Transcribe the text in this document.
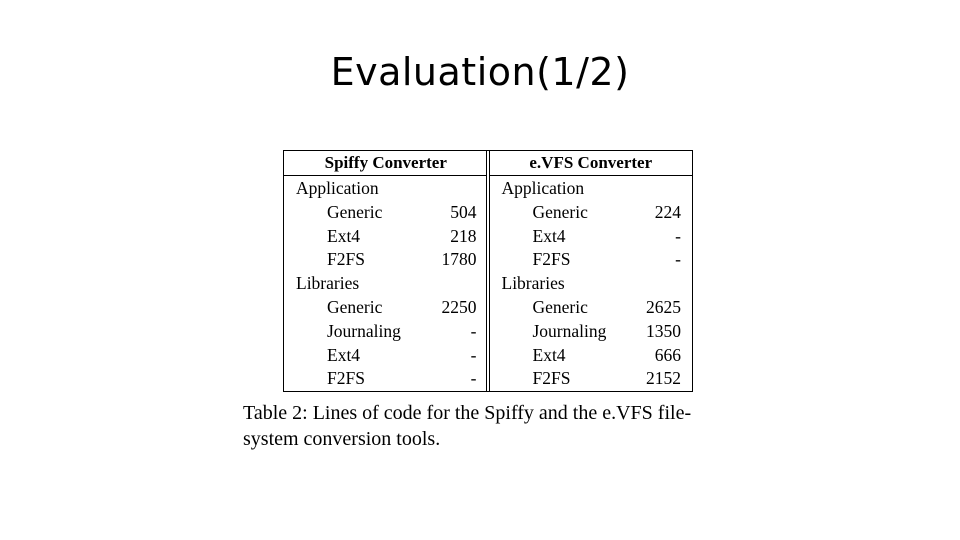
Evaluation(1/2)
Spiffy Converter
Application
Generic	504
Ext4	218
F2FS	1780
Libraries
Generic	2250
Journaling	-
Ext4	-
F2FS	-
e.VFS Converter
Application
Generic	224
Ext4	-
F2FS	-
Libraries
Generic	2625
Journaling 1350
Ext4	666
F2FS	2152
Table 2: Lines of code for the Spiffy and the e.VFS file-
system conversion tools.
